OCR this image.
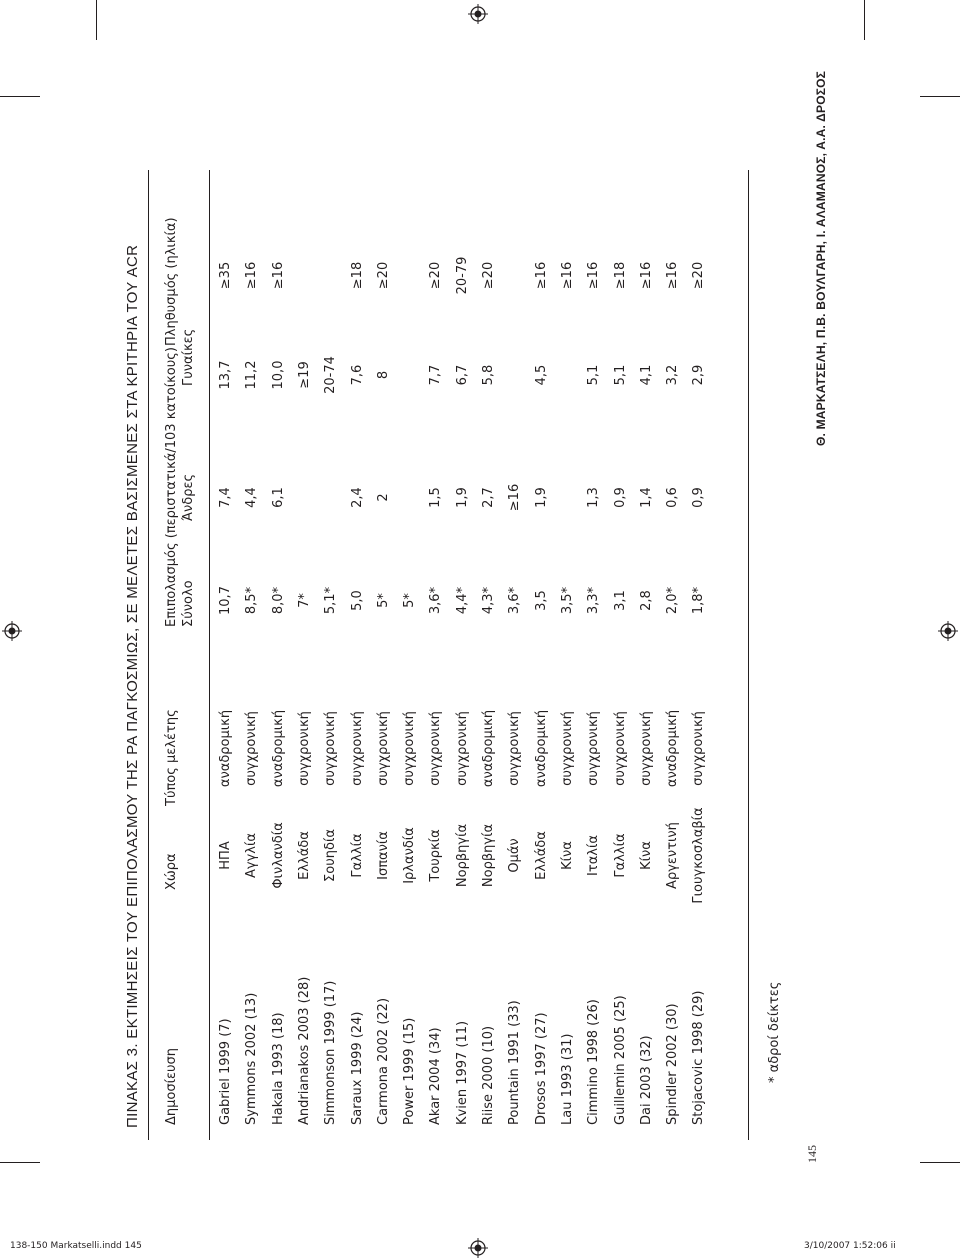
Θ. ΜΑΡΚΑΤΣΕΛΗ, Π.Β. ΒΟΥΛΓΑΡΗ, Ι. ΑΛΑΜΑΝΟΣ, Α.Α. ΔΡΟΣΟΣ
ΠΙΝΑΚΑΣ 3. ΕΚΤΙΜΗΣΕΙΣ ΤΟΥ ΕΠΙΠΟΛΑΣΜΟΥ ΤΗΣ ΡΑ ΠΑΓΚΟΣΜΙΩΣ, ΣΕ ΜΕΛΕΤΕΣ ΒΑΣΙΣΜΕΝΕΣ ΣΤΑ ΚΡΙΤΗΡΙΑ ΤΟΥ ACR Δημοσίευση
Χώρα
Τύπος μελέτης
Επιπολασμός (περιστατικά/103 κατοίκους) Σύνολο
Άνδρες
Γυναίκες
Πληθυσμός (ηλικία)
Gabriel 1999 (7)
ΗΠΑ
αναδρομική
10,7
7,4
13,7
≥35
Symmons 2002 (13)
Αγγλία
συγχρονική
8,5*
4,4
11,2
≥16
Hakala 1993 (18)
Φινλανδία
αναδρομική
8,0*
6,1
10,0
≥16
Andrianakos 2003 (28)
Ελλάδα
συγχρονική
7*
≥19
Simmonson 1999 (17)
Σουηδία
συγχρονική
5,1*
20-74
Saraux 1999 (24)
Γαλλία
συγχρονική
5,0
2,4
7,6
≥18
Carmona 2002 (22)
Ισπανία
συγχρονική
5*
2
8
≥20
Power 1999 (15)
Ιρλανδία
συγχρονική
5*
Akar 2004 (34)
Τουρκία
συγχρονική
3,6*
1,5
7,7
≥20
Kvien 1997 (11)
Νορβηγία
συγχρονική
4,4*
1,9
6,7
20-79
Riise 2000 (10)
Νορβηγία
αναδρομική
4,3*
2,7
5,8
≥20
Pountain 1991 (33)
Ομάν
συγχρονική
3,6*
≥16
Drosos 1997 (27)
Ελλάδα
αναδρομική
3,5
1,9
4,5
≥16
Lau 1993 (31)
Κίνα
συγχρονική
3,5*
≥16
Cimmino 1998 (26)
Ιταλία
συγχρονική
3,3*
1,3
5,1
≥16
Guillemin 2005 (25)
Γαλλία
συγχρονική
3,1
0,9
5,1
≥18
Dai 2003 (32)
Κίνα
συγχρονική
2,8
1,4
4,1
≥16
Spindler 2002 (30)
Αργεντινή
αναδρομική
2,0*
0,6
3,2
≥16
Stojacovic 1998 (29)
Γιουγκοσλαβία
συγχρονική
1,8*
0,9
2,9
≥20
* αδροί δείκτες
145
138-150 Markatselli.indd 145	3/10/2007 1:52:06 ii
